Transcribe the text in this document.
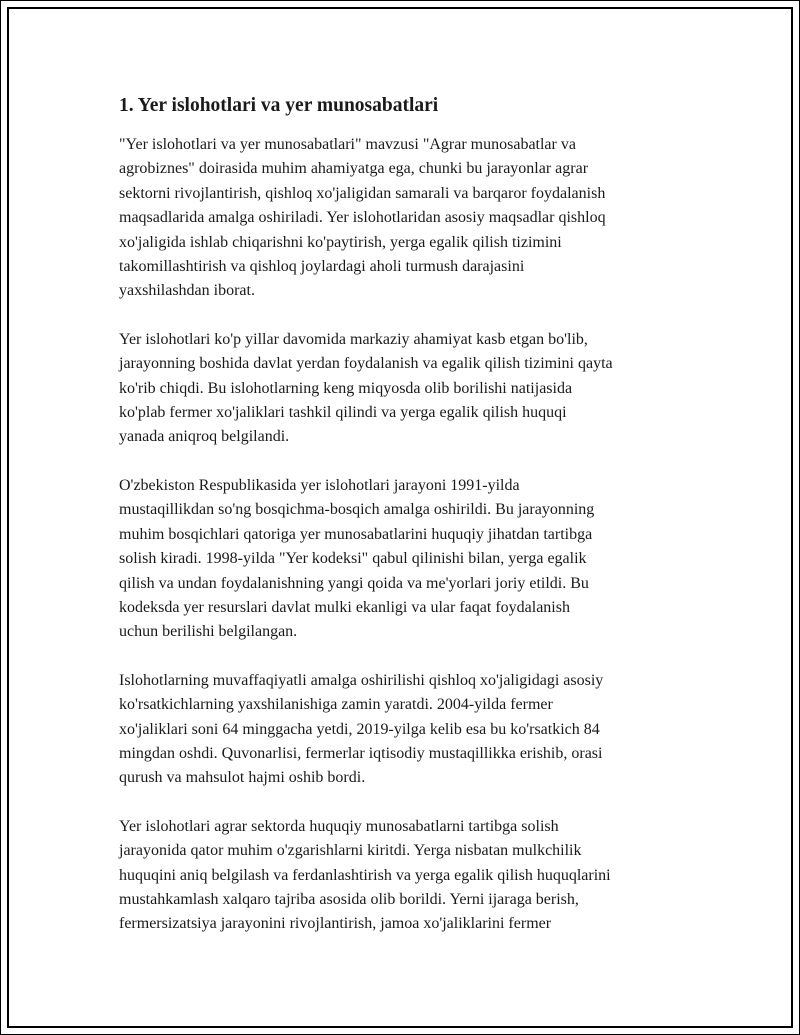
1. Yer islohotlari va yer munosabatlari

"Yer islohotlari va yer munosabatlari" mavzusi "Agrar munosabatlar va
agrobiznes" doirasida muhim ahamiyatga ega, chunki bu jarayonlar agrar
sektorni rivojlantirish, qishloq xo'jaligidan samarali va barqaror foydalanish
maqsadlarida amalga oshiriladi. Yer islohotlaridan asosiy maqsadlar qishloq
xo'jaligida ishlab chiqarishni ko'paytirish, yerga egalik qilish tizimini
takomillashtirish va qishloq joylardagi aholi turmush darajasini
yaxshilashdan iborat.

Yer islohotlari ko'p yillar davomida markaziy ahamiyat kasb etgan bo'lib,
jarayonning boshida davlat yerdan foydalanish va egalik qilish tizimini qayta
ko'rib chiqdi. Bu islohotlarning keng miqyosda olib borilishi natijasida
ko'plab fermer xo'jaliklari tashkil qilindi va yerga egalik qilish huquqi
yanada aniqroq belgilandi.

O'zbekiston Respublikasida yer islohotlari jarayoni 1991-yilda
mustaqillikdan so'ng bosqichma-bosqich amalga oshirildi. Bu jarayonning
muhim bosqichlari qatoriga yer munosabatlarini huquqiy jihatdan tartibga
solish kiradi. 1998-yilda "Yer kodeksi" qabul qilinishi bilan, yerga egalik
qilish va undan foydalanishning yangi qoida va me'yorlari joriy etildi. Bu
kodeksda yer resurslari davlat mulki ekanligi va ular faqat foydalanish
uchun berilishi belgilangan.

Islohotlarning muvaffaqiyatli amalga oshirilishi qishloq xo'jaligidagi asosiy
ko'rsatkichlarning yaxshilanishiga zamin yaratdi. 2004-yilda fermer
xo'jaliklari soni 64 minggacha yetdi, 2019-yilga kelib esa bu ko'rsatkich 84
mingdan oshdi. Quvonarlisi, fermerlar iqtisodiy mustaqillikka erishib, orasi
qurush va mahsulot hajmi oshib bordi.

Yer islohotlari agrar sektorda huquqiy munosabatlarni tartibga solish
jarayonida qator muhim o'zgarishlarni kiritdi. Yerga nisbatan mulkchilik
huquqini aniq belgilash va ferdanlashtirish va yerga egalik qilish huquqlarini
mustahkamlash xalqaro tajriba asosida olib borildi. Yerni ijaraga berish,
fermersizatsiya jarayonini rivojlantirish, jamoa xo'jaliklarini fermer
